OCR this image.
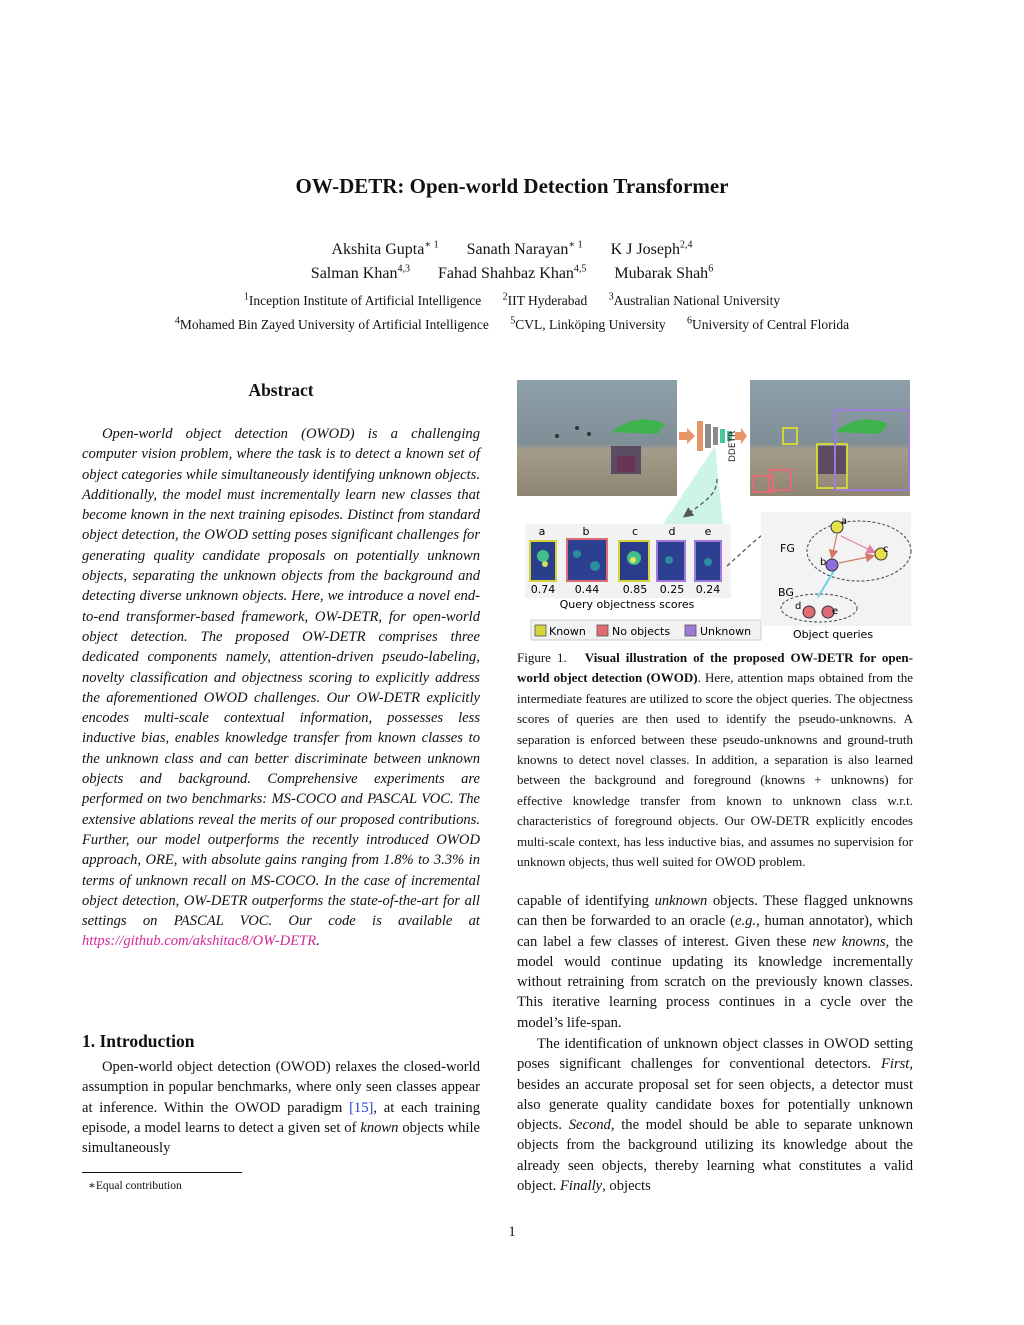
OW-DETR: Open-world Detection Transformer
Akshita Gupta$^{∗ 1}$ Sanath Narayan$^{∗ 1}$ K J Joseph$^{2,4}$
Salman Khan$^{4,3}$ Fahad Shahbaz Khan$^{4,5}$ Mubarak Shah$^6$
$^1$Inception Institute of Artificial Intelligence $^2$IIT Hyderabad $^3$Australian National University
$^4$Mohamed Bin Zayed University of Artificial Intelligence $^5$CVL, Linköping University $^6$University of Central Florida
Abstract
Open-world object detection (OWOD) is a challenging computer vision problem, where the task is to detect a known set of object categories while simultaneously identifying unknown objects. Additionally, the model must incrementally learn new classes that become known in the next training episodes. Distinct from standard object detection, the OWOD setting poses significant challenges for generating quality candidate proposals on potentially unknown objects, separating the unknown objects from the background and detecting diverse unknown objects. Here, we introduce a novel end-to-end transformer-based framework, OW-DETR, for open-world object detection. The proposed OW-DETR comprises three dedicated components namely, attention-driven pseudo-labeling, novelty classification and objectness scoring to explicitly address the aforementioned OWOD challenges. Our OW-DETR explicitly encodes multi-scale contextual information, possesses less inductive bias, enables knowledge transfer from known classes to the unknown class and can better discriminate between unknown objects and background. Comprehensive experiments are performed on two benchmarks: MS-COCO and PASCAL VOC. The extensive ablations reveal the merits of our proposed contributions. Further, our model outperforms the recently introduced OWOD approach, ORE, with absolute gains ranging from 1.8% to 3.3% in terms of unknown recall on MS-COCO. In the case of incremental object detection, OW-DETR outperforms the state-of-the-art for all settings on PASCAL VOC. Our code is available at https://github.com/akshitac8/OW-DETR.
1. Introduction
Open-world object detection (OWOD) relaxes the closed-world assumption in popular benchmarks, where only seen classes appear at inference. Within the OWOD paradigm [15], at each training episode, a model learns to detect a given set of known objects while simultaneously
∗Equal contribution
DDETR
a	b	c	d	e
0.74 0.44 0.85 0.25 0.24
Query objectness scores
Known No objects	Unknown
a
c
b
d	e
FG
BG
Object queries
Figure 1. Visual illustration of the proposed OW-DETR for open-world object detection (OWOD). Here, attention maps obtained from the intermediate features are utilized to score the object queries. The objectness scores of queries are then used to identify the pseudo-unknowns. A separation is enforced between these pseudo-unknowns and ground-truth knowns to detect novel classes. In addition, a separation is also learned between the background and foreground (knowns + unknowns) for effective knowledge transfer from known to unknown class w.r.t. characteristics of foreground objects. Our OW-DETR explicitly encodes multi-scale context, has less inductive bias, and assumes no supervision for unknown objects, thus well suited for OWOD problem.
capable of identifying unknown objects. These flagged unknowns can then be forwarded to an oracle (e.g., human annotator), which can label a few classes of interest. Given these new knowns, the model would continue updating its knowledge incrementally without retraining from scratch on the previously known classes. This iterative learning process continues in a cycle over the model’s life-span.
The identification of unknown object classes in OWOD setting poses significant challenges for conventional detectors. First, besides an accurate proposal set for seen objects, a detector must also generate quality candidate boxes for potentially unknown objects. Second, the model should be able to separate unknown objects from the background utilizing its knowledge about the already seen objects, thereby learning what constitutes a valid object. Finally, objects
1
